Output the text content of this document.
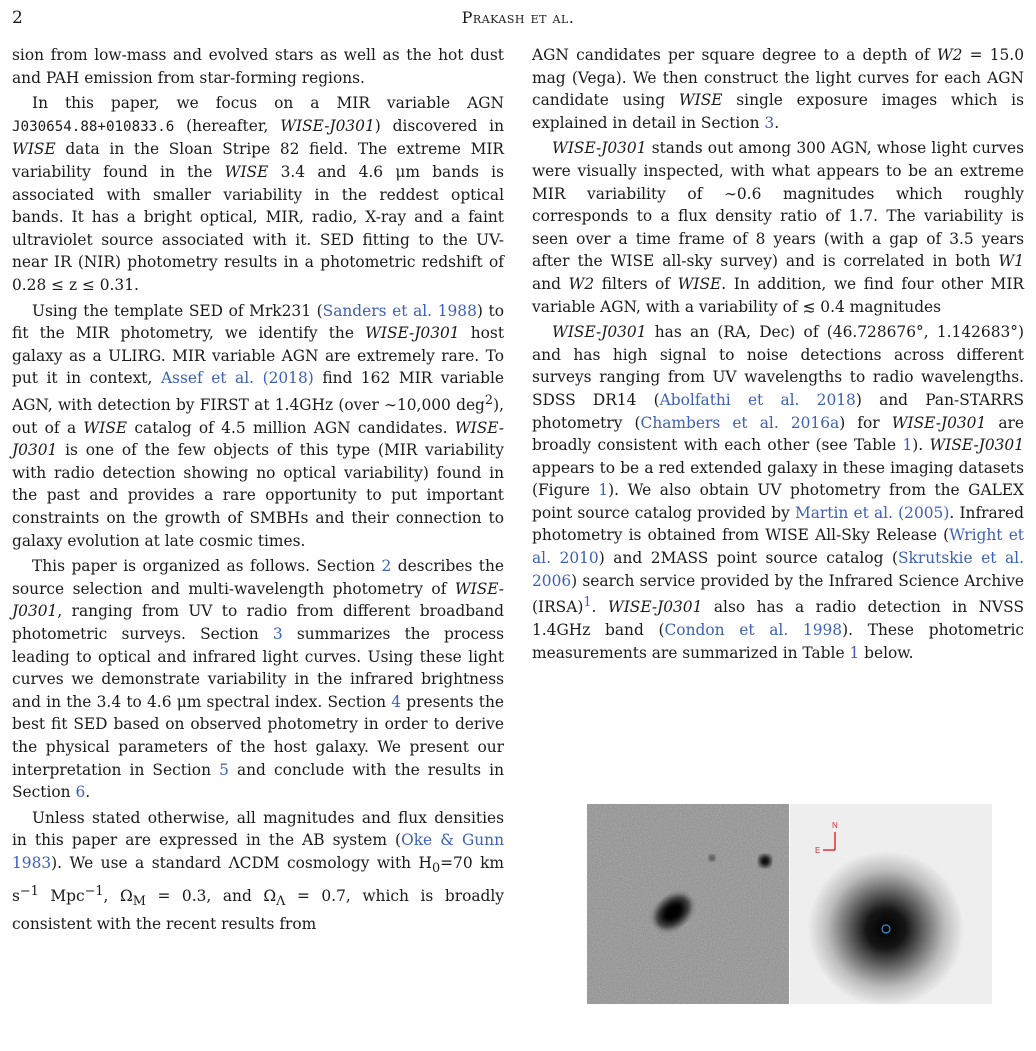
2	Prakash et al.

sion from low-mass and evolved stars as well as the hot dust and PAH emission from star-forming regions.

In this paper, we focus on a MIR variable AGN J030654.88+010833.6 (hereafter, WISE-J0301) discovered in WISE data in the Sloan Stripe 82 field. The extreme MIR variability found in the WISE 3.4 and 4.6 μm bands is associated with smaller variability in the reddest optical bands. It has a bright optical, MIR, radio, X-ray and a faint ultraviolet source associated with it. SED fitting to the UV-near IR (NIR) photometry results in a photometric redshift of 0.28 ≤ z ≤ 0.31.

Using the template SED of Mrk231 (Sanders et al. 1988) to fit the MIR photometry, we identify the WISE-J0301 host galaxy as a ULIRG. MIR variable AGN are extremely rare. To put it in context, Assef et al. (2018) find 162 MIR variable AGN, with detection by FIRST at 1.4GHz (over ∼10,000 deg$^2$), out of a WISE catalog of 4.5 million AGN candidates. WISE-J0301 is one of the few objects of this type (MIR variability with radio detection showing no optical variability) found in the past and provides a rare opportunity to put important constraints on the growth of SMBHs and their connection to galaxy evolution at late cosmic times.

This paper is organized as follows. Section 2 describes the source selection and multi-wavelength photometry of WISE-J0301, ranging from UV to radio from different broadband photometric surveys. Section 3 summarizes the process leading to optical and infrared light curves. Using these light curves we demonstrate variability in the infrared brightness and in the 3.4 to 4.6 μm spectral index. Section 4 presents the best fit SED based on observed photometry in order to derive the physical parameters of the host galaxy. We present our interpretation in Section 5 and conclude with the results in Section 6.

Unless stated otherwise, all magnitudes and flux densities in this paper are expressed in the AB system (Oke & Gunn 1983). We use a standard ΛCDM cosmology with $H_0=70$ km $s^{-1}$ Mpc$^{-1}$, $\Omega_M = 0.3$, and $\Omega_\Lambda = 0.7$, which is broadly consistent with the recent results from

AGN candidates per square degree to a depth of W2 = 15.0 mag (Vega). We then construct the light curves for each AGN candidate using WISE single exposure images which is explained in detail in Section 3.

WISE-J0301 stands out among 300 AGN, whose light curves were visually inspected, with what appears to be an extreme MIR variability of ∼0.6 magnitudes which roughly corresponds to a flux density ratio of 1.7. The variability is seen over a time frame of 8 years (with a gap of 3.5 years after the WISE all-sky survey) and is correlated in both W1 and W2 filters of WISE. In addition, we find four other MIR variable AGN, with a variability of ≲ 0.4 magnitudes

WISE-J0301 has an (RA, Dec) of (46.728676°, 1.142683°) and has high signal to noise detections across different surveys ranging from UV wavelengths to radio wavelengths. SDSS DR14 (Abolfathi et al. 2018) and Pan-STARRS photometry (Chambers et al. 2016a) for WISE-J0301 are broadly consistent with each other (see Table 1). WISE-J0301 appears to be a red extended galaxy in these imaging datasets (Figure 1). We also obtain UV photometry from the GALEX point source catalog provided by Martin et al. (2005). Infrared photometry is obtained from WISE All-Sky Release (Wright et al. 2010) and 2MASS point source catalog (Skrutskie et al. 2006) search service provided by the Infrared Science Archive (IRSA)$^1$. WISE-J0301 also has a radio detection in NVSS 1.4GHz band (Condon et al. 1998). These photometric measurements are summarized in Table 1 below.

N
E
